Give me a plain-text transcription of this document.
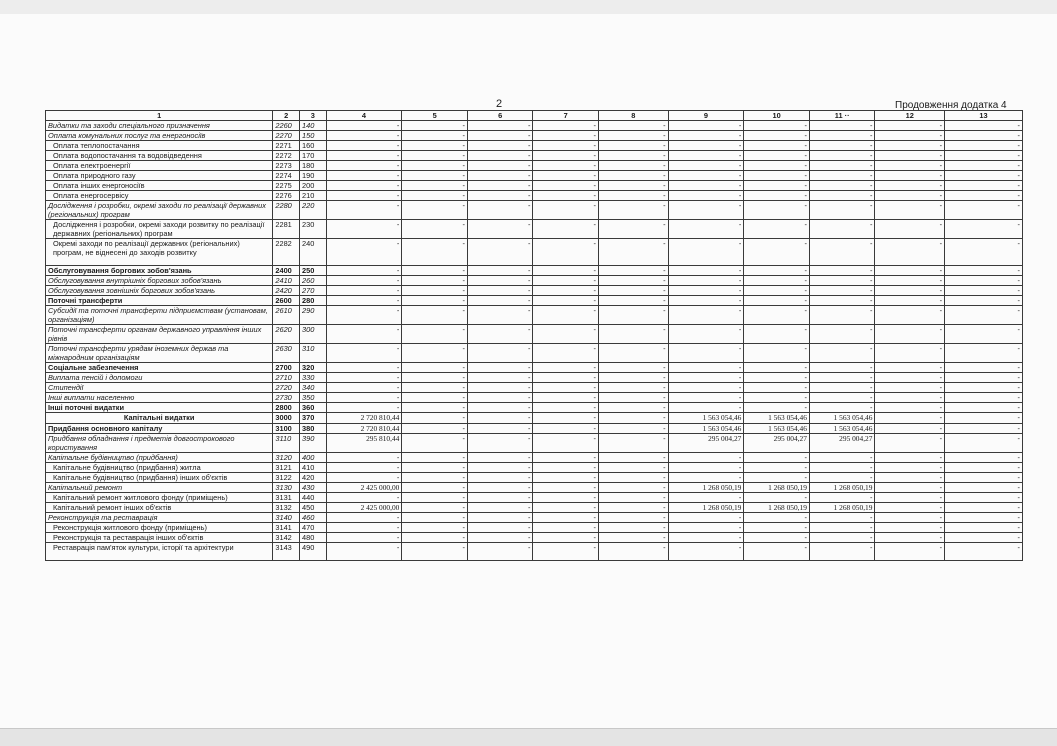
2	Продовження додатка 4
1	2	3	4	5	6	7	8	9	10	11 ··	12	13
Видатки та заходи спеціального призначення	2260	140	-	-	-	-	-	-	-	-	-	-
Оплата комунальних послуг та енергоносіїв	2270	150	-	-	-	-	-	-	-	-	-	-
Оплата теплопостачання	2271	160	-	-	-	-	-	-	-	-	-	-
Оплата водопостачання та водовідведення	2272	170	-	-	-	-	-	-	-	-	-	-
Оплата електроенергії	2273	180	-	-	-	-	-	-	-	-	-	-
Оплата природного газу	2274	190	-	-	-	-	-	-	-	-	-	-
Оплата інших енергоносіїв	2275	200	-	-	-	-	-	-	-	-	-	-
Оплата енергосервісу	2276	210	-	-	-	-	-	-	-	-	-	-
Дослідження і розробки, окремі заходи по реалізації державних (регіональних) програм	2280	220	-	-	-	-	-	-	-	-	-	-
Дослідження і розробки, окремі заходи розвитку по реалізації державних (регіональних) програм	2281	230	-	-	-	-	-	-	-	-	-	-
Окремі заходи по реалізації державних (регіональних) програм, не віднесені до заходів розвитку	2282	240	-	-	-	-	-	-	-	-	-	-
Обслуговування боргових зобов'язань	2400	250	-	-	-	-	-	-	-	-	-	-
Обслуговування внутрішніх боргових зобов'язань	2410	260	-	-	-	-	-	-	-	-	-	-
Обслуговування зовнішніх боргових зобов'язань	2420	270	-	-	-	-	-	-	-	-	-	-
Поточні трансферти	2600	280	-	-	-	-	-	-	-	-	-	-
Субсидії та поточні трансферти підприємствам (установам, організаціям)	2610	290	-	-	-	-	-	-	-	-	-	-
Поточні трансферти органам державного управління інших рівнів	2620	300	-	-	-	-	-	-	-	-	-	-
Поточні трансферти урядам іноземних держав та міжнародним організаціям	2630	310	-	-	-	-	-	-	-	-	-	-
Соціальне забезпечення	2700	320	-	-	-	-	-	-	-	-	-	-
Виплата пенсій і допомоги	2710	330	-	-	-	-	-	-	-	-	-	-
Стипендії	2720	340	-	-	-	-	-	-	-	-	-	-
Інші виплати населенню	2730	350	-	-	-	-	-	-	-	-	-	-
Інші поточні видатки	2800	360	-	-	-	-	-	-	-	-	-	-
Капітальні видатки	3000	370	2 720 810,44	-	-	-	-	1 563 054,46	1 563 054,46	1 563 054,46	-	-
Придбання основного капіталу	3100	380	2 720 810,44	-	-	-	-	1 563 054,46	1 563 054,46	1 563 054,46	-	-
Придбання обладнання і предметів довгострокового користування	3110	390	295 810,44	-	-	-	-	295 004,27	295 004,27	295 004,27	-	-
Капітальне будівництво (придбання)	3120	400	-	-	-	-	-	-	-	-	-	-
Капітальне будівництво (придбання) житла	3121	410	-	-	-	-	-	-	-	-	-	-
Капітальне будівництво (придбання) інших об'єктів	3122	420	-	-	-	-	-	-	-	-	-	-
Капітальний ремонт	3130	430	2 425 000,00	-	-	-	-	1 268 050,19	1 268 050,19	1 268 050,19	-	-
Капітальний ремонт житлового фонду (приміщень)	3131	440	-	-	-	-	-	-	-	-	-	-
Капітальний ремонт інших об'єктів	3132	450	2 425 000,00	-	-	-	-	1 268 050,19	1 268 050,19	1 268 050,19	-	-
Реконструкція та реставрація	3140	460	-	-	-	-	-	-	-	-	-	-
Реконструкція житлового фонду (приміщень)	3141	470	-	-	-	-	-	-	-	-	-	-
Реконструкція та реставрація інших об'єктів	3142	480	-	-	-	-	-	-	-	-	-	-
Реставрація пам'яток культури, історії та архітектури	3143	490	-	-	-	-	-	-	-	-	-	-
